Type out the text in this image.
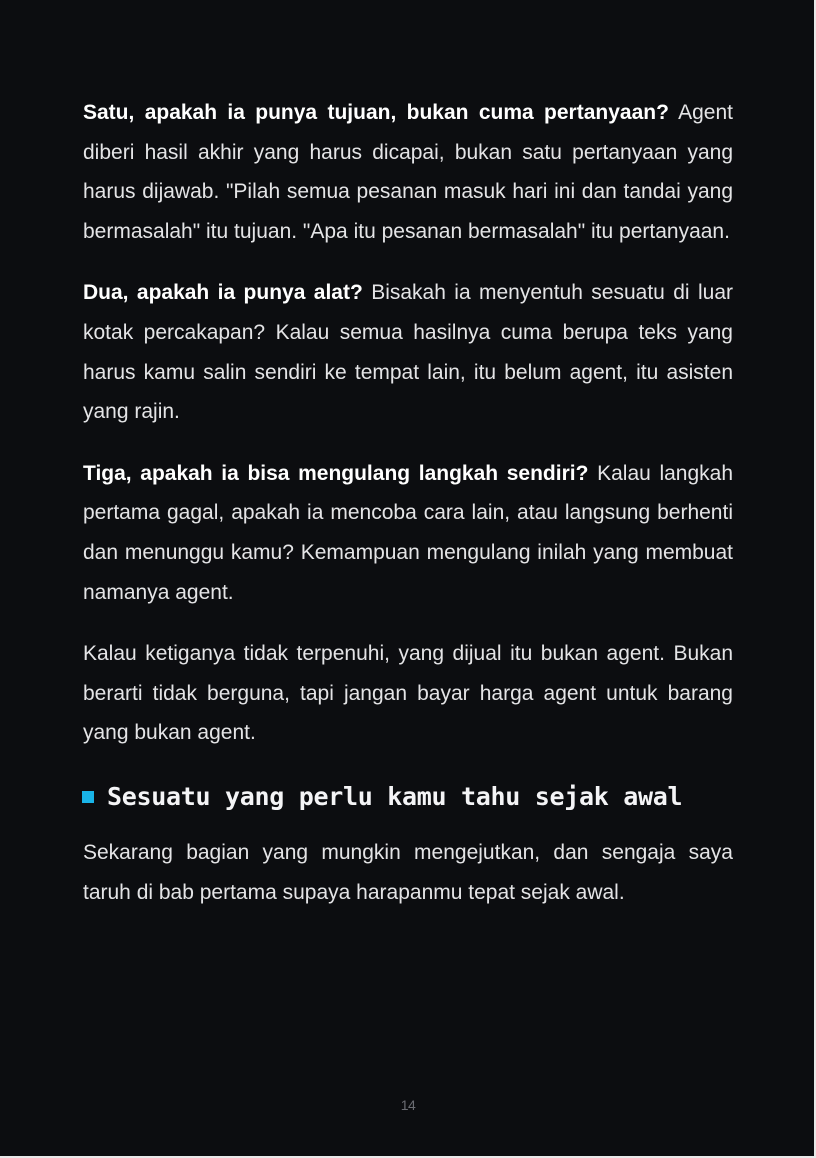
Satu, apakah ia punya tujuan, bukan cuma pertanyaan? Agent diberi hasil akhir yang harus dicapai, bukan satu pertanyaan yang harus dijawab. "Pilah semua pesanan masuk hari ini dan tandai yang bermasalah" itu tujuan. "Apa itu pesanan bermasalah" itu pertanyaan.

Dua, apakah ia punya alat? Bisakah ia menyentuh sesuatu di luar kotak percakapan? Kalau semua hasilnya cuma berupa teks yang harus kamu salin sendiri ke tempat lain, itu belum agent, itu asisten yang rajin.

Tiga, apakah ia bisa mengulang langkah sendiri? Kalau langkah pertama gagal, apakah ia mencoba cara lain, atau langsung berhenti dan menunggu kamu? Kemampuan mengulang inilah yang membuat namanya agent.

Kalau ketiganya tidak terpenuhi, yang dijual itu bukan agent. Bukan berarti tidak berguna, tapi jangan bayar harga agent untuk barang yang bukan agent.

Sesuatu yang perlu kamu tahu sejak awal

Sekarang bagian yang mungkin mengejutkan, dan sengaja saya taruh di bab pertama supaya harapanmu tepat sejak awal.

14
